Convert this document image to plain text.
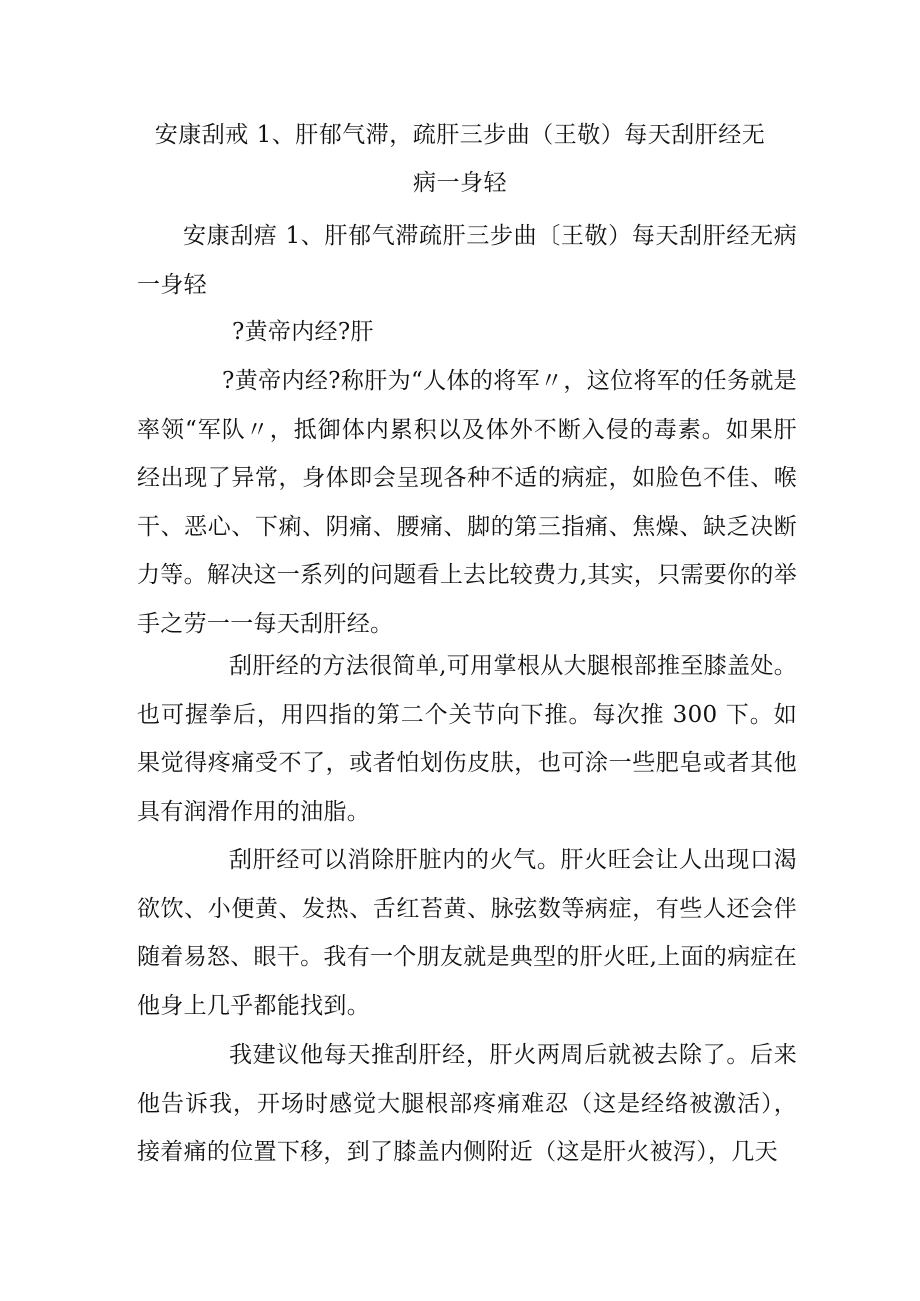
安康刮戒 1、肝郁气滞，疏肝三步曲（王敬）每天刮肝经无
病一身轻
安康刮痦 1、肝郁气滞疏肝三步曲〔王敬）每天刮肝经无病一身轻
?黄帝内经?肝
?黄帝内经?称肝为“人体的将军〃，这位将军的任务就是率领“军队〃，抵御体内累积以及体外不断入侵的毒素。如果肝经出现了异常，身体即会呈现各种不适的病症，如脸色不佳、喉干、恶心、下痢、阴痛、腰痛、脚的第三指痛、焦燥、缺乏决断力等。解决这一系列的问题看上去比较费力,其实，只需要你的举手之劳一一每天刮肝经。
刮肝经的方法很简单,可用掌根从大腿根部推至膝盖处。也可握拳后，用四指的第二个关节向下推。每次推 300 下。如果觉得疼痛受不了，或者怕划伤皮肤，也可涂一些肥皂或者其他具有润滑作用的油脂。
刮肝经可以消除肝脏内的火气。肝火旺会让人出现口渴欲饮、小便黄、发热、舌红苔黄、脉弦数等病症，有些人还会伴随着易怒、眼干。我有一个朋友就是典型的肝火旺,上面的病症在他身上几乎都能找到。
我建议他每天推刮肝经，肝火两周后就被去除了。后来他告诉我，开场时感觉大腿根部疼痛难忍（这是经络被激活），接着痛的位置下移，到了膝盖内侧附近（这是肝火被泻），几天
